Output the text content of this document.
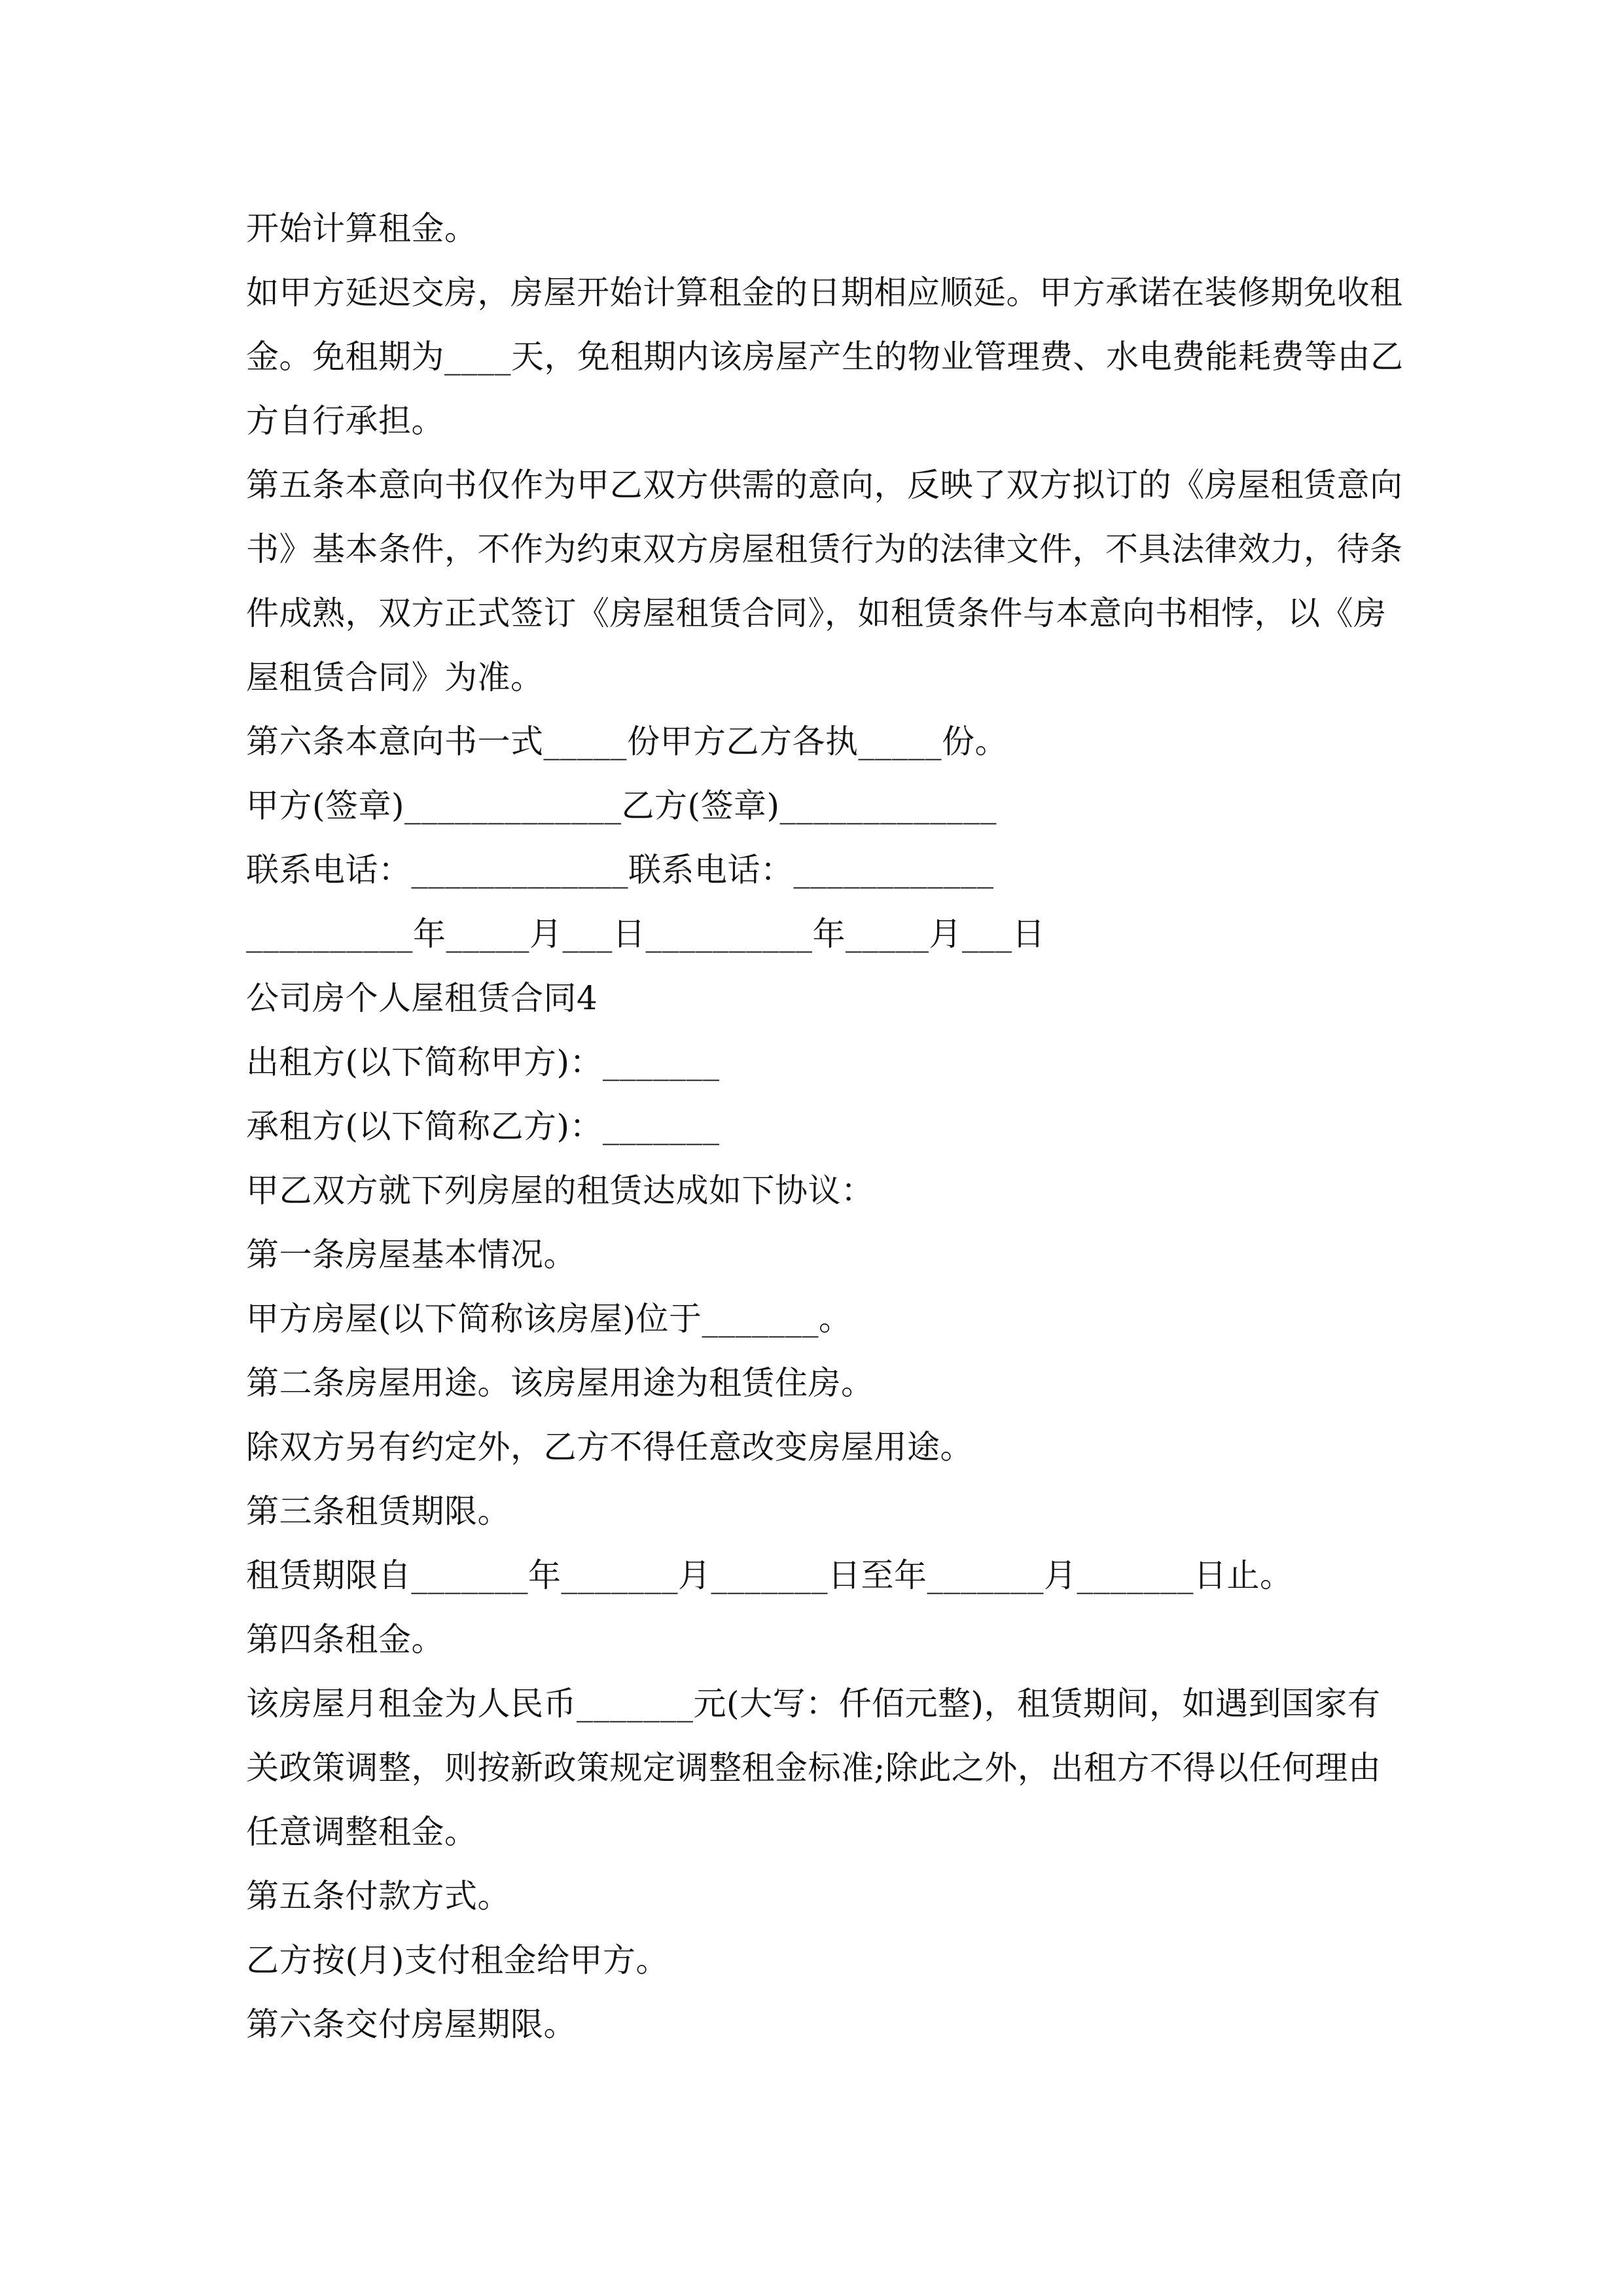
开始计算租金。
如甲方延迟交房，房屋开始计算租金的日期相应顺延。甲方承诺在装修期免收租
金。免租期为____天，免租期内该房屋产生的物业管理费、水电费能耗费等由乙
方自行承担。
第五条本意向书仅作为甲乙双方供需的意向，反映了双方拟订的《房屋租赁意向
书》基本条件，不作为约束双方房屋租赁行为的法律文件，不具法律效力，待条
件成熟，双方正式签订《房屋租赁合同》，如租赁条件与本意向书相悖，以《房
屋租赁合同》为准。
第六条本意向书一式_____份甲方乙方各执_____份。
甲方(签章)_____________乙方(签章)_____________
联系电话：_____________联系电话：____________
__________年_____月___日__________年_____月___日
公司房个人屋租赁合同4
出租方(以下简称甲方)：_______
承租方(以下简称乙方)：_______
甲乙双方就下列房屋的租赁达成如下协议：
第一条房屋基本情况。
甲方房屋(以下简称该房屋)位于_______。
第二条房屋用途。该房屋用途为租赁住房。
除双方另有约定外，乙方不得任意改变房屋用途。
第三条租赁期限。
租赁期限自_______年_______月_______日至年_______月_______日止。
第四条租金。
该房屋月租金为人民币_______元(大写：仟佰元整)，租赁期间，如遇到国家有
关政策调整，则按新政策规定调整租金标准;除此之外，出租方不得以任何理由
任意调整租金。
第五条付款方式。
乙方按(月)支付租金给甲方。
第六条交付房屋期限。
